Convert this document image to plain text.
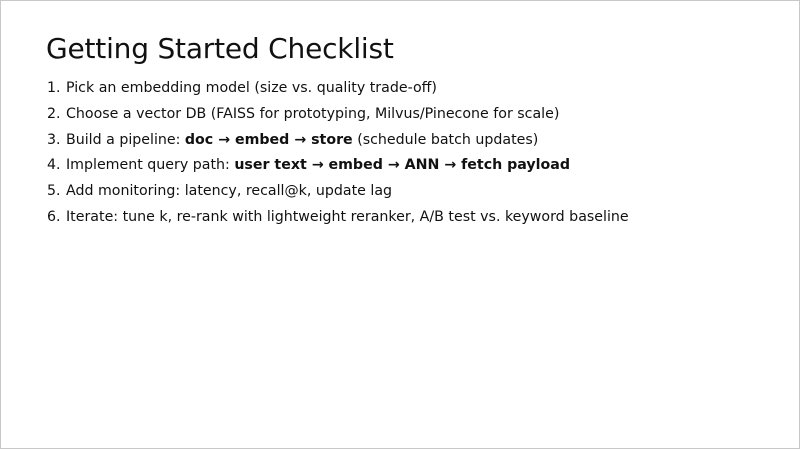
Getting Started Checklist
1. Pick an embedding model (size vs. quality trade-off)
2. Choose a vector DB (FAISS for prototyping, Milvus/Pinecone for scale)
3. Build a pipeline: doc → embed → store (schedule batch updates)
4. Implement query path: user text → embed → ANN → fetch payload
5. Add monitoring: latency, recall@k, update lag
6. Iterate: tune k, re-rank with lightweight reranker, A/B test vs. keyword baseline
